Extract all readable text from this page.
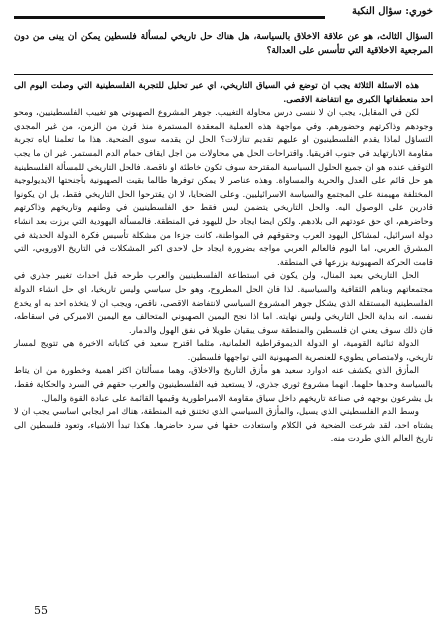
خوري: سؤال النكبة
السؤال الثالث، هو عن علاقة الاخلاق بالسياسة، هل هناك حل تاريخي لمسألة فلسطين يمكن ان يبنى من دون المرجعية الاخلاقية التي تتأسس على العدالة؟

هذه الاسئلة الثلاثة يجب ان توضع في السياق التاريخي، اي عبر تحليل للتجربة الفلسطينية التي وصلت اليوم الى احد منعطفاتها الكبرى مع انتفاضة الاقصى.

لكن في المقابل، يجب ان لا ننسى درس محاولة التغييب. جوهر المشروع الصهيوني هو تغييب الفلسطينيين، ومحو وجودهم وذاكرتهم وحضورهم. وفي مواجهة هذه العملية المعقدة المستمرة منذ قرن من الزمن، من غير المجدي التساؤل لماذا يقدم الفلسطينيون او عليهم تقديم تنازلات؟ الحل لن يقدمه سوى الضحية. هذا ما تعلمنا اياه تجربة مقاومة الابارتهايد في جنوب افريقيا. واقتراحات الحل هي محاولات من اجل ايقاف حمام الدم المستمر. غير ان ما يجب التوقف عنده هو ان جميع الحلول السياسية المقترحة سوف تكون خاطئة او ناقصة. فالحل التاريخي للمسألة الفلسطينية هو حل قائم على العدل والحرية والمساواة. وهذه عناصر لا يمكن توفرها طالما بقيت الصهيونية بأجنحتها الايديولوجية المختلفة مهيمنة على المجتمع والسياسة الاسرائيليين. وعلى الضحايا، لا ان يقترحوا الحل التاريخي فقط، بل ان يكونوا قادرين على الوصول اليه. والحل التاريخي يتضمن ليس فقط حق الفلسطينيين في وطنهم وتاريخهم وذاكرتهم وحاضرهم، اي حق عودتهم الى بلادهم. ولكن ايضا ايجاد حل لليهود في المنطقة. فالمسألة اليهودية التي برزت بعد انشاء دولة اسرائيل، لمشاكل اليهود العرب وحقوقهم في المواطنة، كانت جزءا من مشكلة تأسيس فكرة الدولة الحديثة في المشرق العربي، اما اليوم فالعالم العربي مواجه بضرورة ايجاد حل لاحدى اكبر المشكلات في التاريخ الاوروبي، التي قامت الحركة الصهيونية بزرعها في المنطقة.

الحل التاريخي بعيد المنال، ولن يكون في استطاعة الفلسطينيين والعرب طرحه قبل احداث تغيير جذري في مجتمعاتهم وبناهم الثقافية والسياسية. لذا فان الحل المطروح، وهو حل سياسي وليس تاريخيا، اي حل انشاء الدولة الفلسطينية المستقلة الذي يشكل جوهر المشروع السياسي لانتفاضة الاقصى، ناقص، ويجب ان لا يتخذه احد به او يخدع نفسه. انه بداية الحل التاريخي وليس نهايته. اما اذا نجح اليمين الصهيوني المتحالف مع اليمين الاميركي في اسقاطه، فان ذلك سوف يعني ان فلسطين والمنطقة سوف يبقيان طويلا في نفق الهول والدمار.

الدولة ثنائية القومية، او الدولة الديموقراطية العلمانية، مثلما اقترح سعيد في كتاباته الاخيرة هي تتويج لمسار تاريخي، ولامتصاص يطويء للعنصرية الصهيونية التي تواجهها فلسطين.

المأزق الذي يكشف عنه ادوارد سعيد هو مأزق التاريخ والاخلاق، وهما مسألتان اكثر اهمية وخطورة من ان يتاط بالسياسة وحدها حلهما. انهما مشروع ثوري جذري، لا يستعيد فيه الفلسطينيون والعرب حقهم في السرد والحكاية فقط، بل يشرعون بوجهه في صناعة تاريخهم داخل سياق مقاومة الامبراطورية وقيمها القائمة على عبادة القوة والمال.

وسط الدم الفلسطيني الذي يسيل، والمأزق السياسي الذي تختنق فيه المنطقة، هناك امر ايجابي اساسي يجب ان لا يشتاه احد، لقد شرعت الضحية في الكلام واستعادت حقها في سرد حاضرها. هكذا تبدأ الاشياء، وتعود فلسطين الى تاريخ العالم الذي طردت منه.

55
